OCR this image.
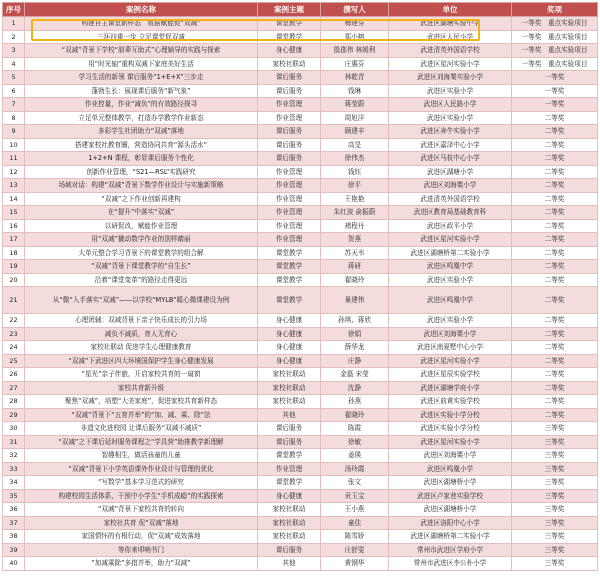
序号	案例名称	案例主题	撰写人	单位	奖项
1	构建自主课堂新样态　数据赋能促“双减”	课堂教学	梅建芬	武进区湖塘实验中学	一等奖　重点实验项目
2	三环四重一步 立足课堂促双减	课堂教学	郑小榕	武进区人民小学	一等奖　重点实验项目
3	“双减”背景下学校“朋辈互助式”心理辅导的实践与探索	身心健康	殷郡伟 林媛利	武进清英外国语学校	一等奖　重点实验项目
4	用“时光轴”重构双减下家庭美好生活	家校社联动	庄惠芬	武进区星河实验小学	一等奖　重点实验项目
5	学习生活的新领 课后服务“1+E+X”三步走	课后服务	林乾青	武进区刘海粟实验小学	一等奖
6	蓬勃生长：展现课后服务“新气象”	课后服务	钱琳	武进区实验小学	一等奖
7	作业控量，作业“减负”的有效路径探寻	作业管理	蒋莹蔚	武进区人民路小学	一等奖
8	立足单元整体教学，打造办学教学作业新态	作业管理	周旭洋	武进区实验小学	二等奖
9	多彩学生社团助力“双减”落地	课后服务	顾建丰	武进区奔牛实验小学	二等奖
10	搭建家校社教育圈，营造协同共育“源头活水”	课后服务	高旻	武进区嘉泽中心小学	二等奖
11	1+2+N 课程，彰显课后服务个性化	课后服务	徐伟杰	武进区马杭中心小学	二等奖
12	创新作业管理，“S21—RSL”实践研究	作业管理	钱钰	武进区湖塘小学	二等奖
13	场域对话：构建“双减”背景下数学作业设计与实施新策略	作业管理	徐平	武进区刘海粟小学	二等奖
14	“双减”之下作业创新再建构	作业管理	王艳艳	武进清英外国语学校	二等奖
15	在“提升”中落实“双减”	作业管理	朱红波 俞振蔚	武进区教育局基础教育科	二等奖
16	以研促改，赋能作业管理	作业管理	褚程丹	武进区政平小学	二等奖
17	用“双减”撬动数学作业的别样睛丽	作业管理	贺燕	武进区星河实验小学	二等奖
18	大单元整合学习背景下的课堂教学的组合解	课堂教学	苏天韦	武进区湖塘桥第二实验小学	二等奖
19	“双减”背景下课堂教学的“自生长”	课堂教学	蒋研	武进区鸣凰中学	二等奖
20	沿着“课堂变革”的路径走得更远	课堂教学	翟晓玲	武进区实验小学	二等奖
21	从“微”入手落实“双减”——以学校“MYLB”暖心微课建设为例	课堂教学	巢建伟	武进区鸣凰中学	二等奖
22	心理团辅：双减背景下亲子快乐成长的引力场	身心健康	孙琪、蒋欣	武进区实验小学	二等奖
23	减负不减质，育人无育心	身心健康	徐娟	武进区刘海粟小学	二等奖
24	家校社联动 促进学生心理健康教育	身心健康	薛华龙	武进区南夏墅中心小学	二等奖
25	“双减”下武进区四大环境国保护学生身心健康发展	身心健康	庄静	武进区星河实验小学	二等奖
26	“星光”亲子伴旅，开启家校共育的一扇窗	家校社联动	金磊 宋莹	武进区星辰实验学校	二等奖
27	家校共育新升级	家校社联动	沈静	武进区湖塘学府小学	二等奖
28	聚焦“双减”，培塑“大美家庭”，促进家校共育新样态	家校社联动	孙燕	武进区前黄实验学校	二等奖
29	“双减”背景下“五育并举”的“加、减、乘、除”法	其他	翟晓玲	武进区实验小学分校	二等奖
30	非遗文化进校园 让课后服务“双减不减质”	课后服务	陈霞	武进区实验小学分校	三等奖
31	“双减”之下课后延时服务课程之“学具营”助推教学新理解	课后服务	徐敏	武进区星河实验小学	三等奖
32	智趣相生，做活孩童的儿童	课堂教学	姜瑛	武进区刘海粟小学	三等奖
33	“双减”背景下小学英语课外作业设计与管理的优化	作业管理	汤玲霞	武进区鸣凰小学	三等奖
34	“写数学”基本学习范式的研究	课堂教学	张文	武进区湖塘桥小学	三等奖
35	构建校园生活体系，干预中小学生“手机成瘾”的实践探索	身心健康	贡玉宝	武进区卢家巷实验学校	三等奖
36	“双减”背景下家校共育的转向	家校社联动	王小燕	武进区湖塘桥小学	三等奖
37	家校社共育 促“双减”落地	家校社联动	童佳	武进区洛阳中心小学	三等奖
38	家国情怀的有根行动，促“双减”成效落地	家校社联动	陈雪娇	武进区湖塘桥第二实验小学	三等奖
39	等你来叩响书门	课后服务	庄舒雯	常州市武进区学府小学	三等奖
40	“加减乘除”多措并举，助力“双减”	其他	黄钢华	常州市武进区李公朴小学	三等奖
